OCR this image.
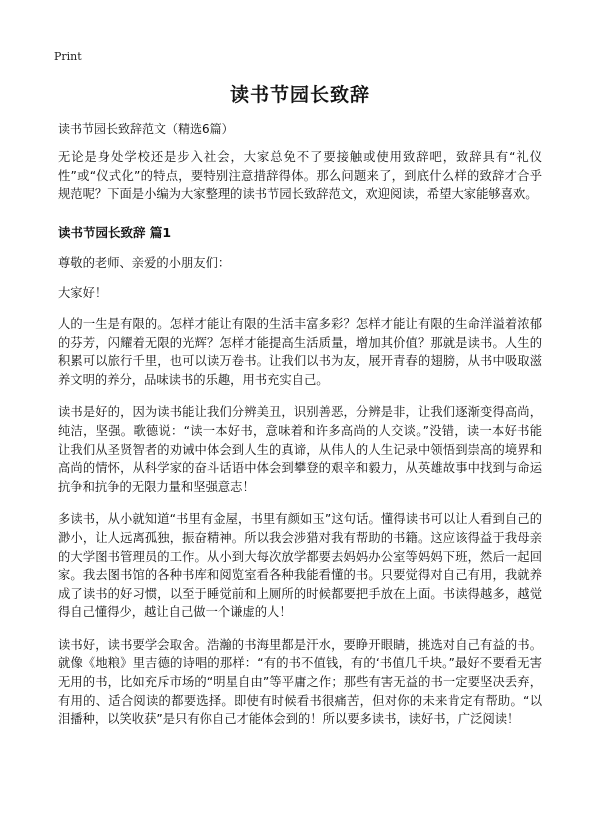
Print
读书节园长致辞
读书节园长致辞范文（精选6篇）

无论是身处学校还是步入社会，大家总免不了要接触或使用致辞吧，致辞具有“礼仪性”或“仪式化”的特点，要特别注意措辞得体。那么问题来了，到底什么样的致辞才合乎规范呢？下面是小编为大家整理的读书节园长致辞范文，欢迎阅读，希望大家能够喜欢。

读书节园长致辞 篇1

尊敬的老师、亲爱的小朋友们：

大家好！

人的一生是有限的。怎样才能让有限的生活丰富多彩？怎样才能让有限的生命洋溢着浓郁的芬芳，闪耀着无限的光辉？怎样才能提高生活质量，增加其价值？那就是读书。人生的积累可以旅行千里，也可以读万卷书。让我们以书为友，展开青春的翅膀，从书中吸取滋养文明的养分，品味读书的乐趣，用书充实自己。

读书是好的，因为读书能让我们分辨美丑，识别善恶，分辨是非，让我们逐渐变得高尚，纯洁，坚强。歌德说：“读一本好书，意味着和许多高尚的人交谈。”没错，读一本好书能让我们从圣贤智者的劝诫中体会到人生的真谛，从伟人的人生记录中领悟到崇高的境界和高尚的情怀，从科学家的奋斗话语中体会到攀登的艰辛和毅力，从英雄故事中找到与命运抗争和抗争的无限力量和坚强意志！

多读书，从小就知道“书里有金屋，书里有颜如玉”这句话。懂得读书可以让人看到自己的渺小，让人远离孤独，振奋精神。所以我会涉猎对我有帮助的书籍。这应该得益于我母亲的大学图书管理员的工作。从小到大每次放学都要去妈妈办公室等妈妈下班，然后一起回家。我去图书馆的各种书库和阅览室看各种我能看懂的书。只要觉得对自己有用，我就养成了读书的好习惯，以至于睡觉前和上厕所的时候都要把手放在上面。书读得越多，越觉得自己懂得少，越让自己做一个谦虚的人！

读书好，读书要学会取舍。浩瀚的书海里都是汗水，要睁开眼睛，挑选对自己有益的书。就像《地粮》里吉德的诗唱的那样：“有的书不值钱，有的‘书值几千块。”最好不要看无害无用的书，比如充斥市场的“明星自由”等平庸之作；那些有害无益的书一定要坚决丢弃，有用的、适合阅读的都要选择。即使有时候看书很痛苦，但对你的未来肯定有帮助。“以泪播种，以笑收获”是只有你自己才能体会到的！所以要多读书，读好书，广泛阅读！
